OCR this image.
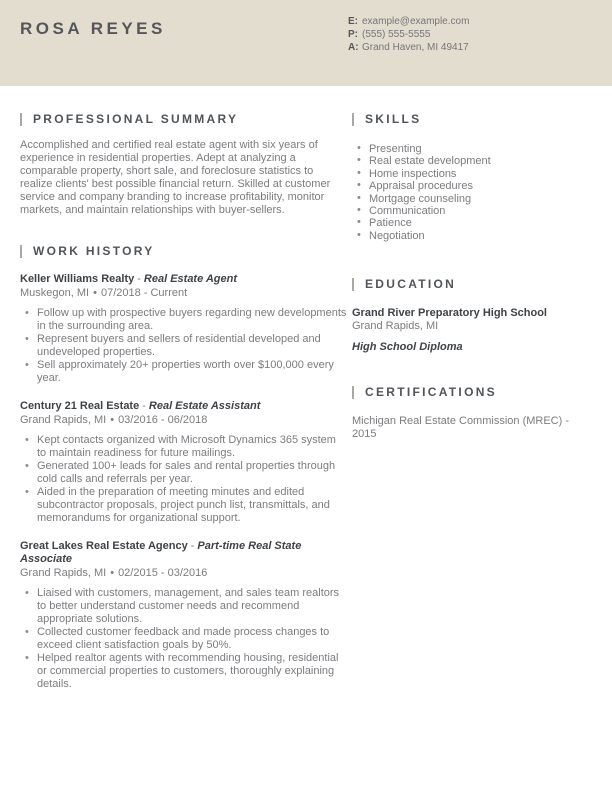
ROSA REYES	E: example@example.com
P: (555) 555-5555
A: Grand Haven, MI 49417
PROFESSIONAL SUMMARY

Accomplished and certified real estate agent with six years of experience in residential properties. Adept at analyzing a comparable property, short sale, and foreclosure statistics to realize clients' best possible financial return. Skilled at customer service and company branding to increase profitability, monitor markets, and maintain relationships with buyer-sellers.

WORK HISTORY
Keller Williams Realty - Real Estate Agent
Muskegon, MI • 07/2018 - Current
• Follow up with prospective buyers regarding new developments in the surrounding area.
• Represent buyers and sellers of residential developed and undeveloped properties.
• Sell approximately 20+ properties worth over $100,000 every year.
Century 21 Real Estate - Real Estate Assistant
Grand Rapids, MI • 03/2016 - 06/2018
• Kept contacts organized with Microsoft Dynamics 365 system to maintain readiness for future mailings.
• Generated 100+ leads for sales and rental properties through cold calls and referrals per year.
• Aided in the preparation of meeting minutes and edited subcontractor proposals, project punch list, transmittals, and memorandums for organizational support.
Great Lakes Real Estate Agency - Part-time Real State Associate
Grand Rapids, MI • 02/2015 - 03/2016
• Liaised with customers, management, and sales team realtors to better understand customer needs and recommend appropriate solutions.
• Collected customer feedback and made process changes to exceed client satisfaction goals by 50%.
• Helped realtor agents with recommending housing, residential or commercial properties to customers, thoroughly explaining details.
SKILLS
• Presenting
• Real estate development
• Home inspections
• Appraisal procedures
• Mortgage counseling
• Communication
• Patience
• Negotiation
EDUCATION
Grand River Preparatory High School
Grand Rapids, MI
High School Diploma
CERTIFICATIONS
Michigan Real Estate Commission (MREC) - 2015
